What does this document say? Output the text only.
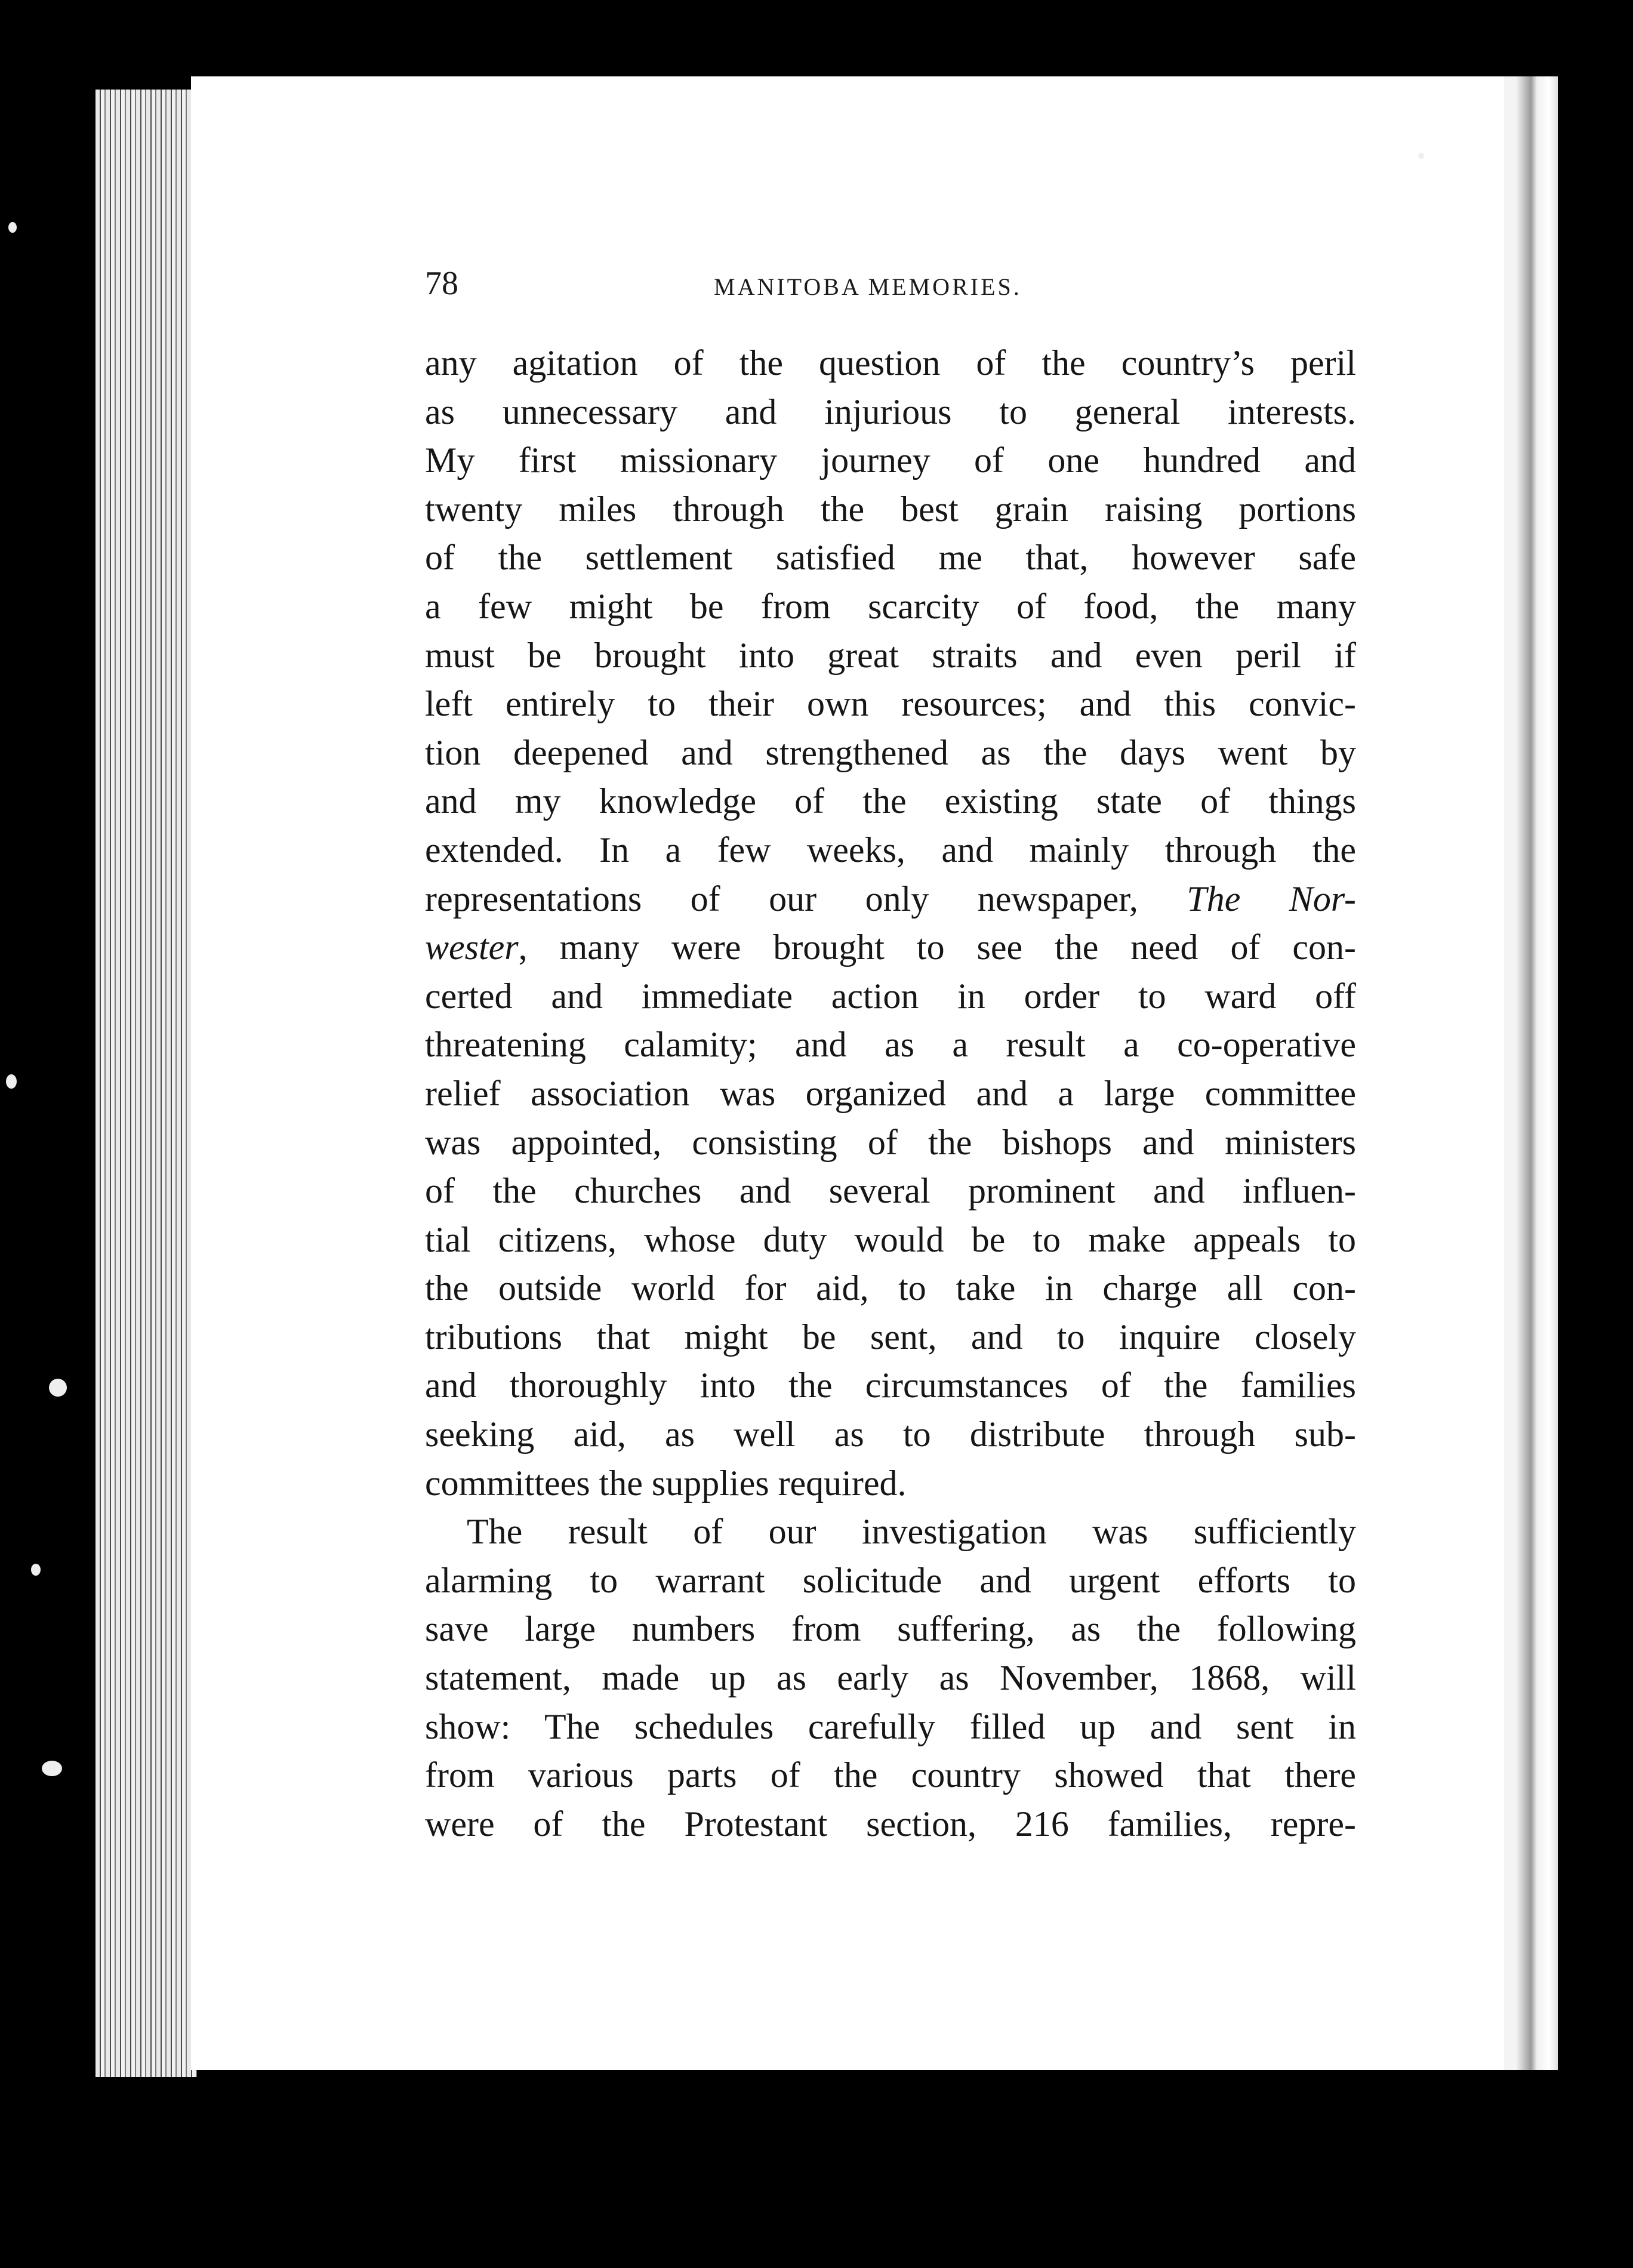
78	MANITOBA MEMORIES.
any agitation of the question of the country’s peril
as unnecessary and injurious to general interests.
My first missionary journey of one hundred and
twenty miles through the best grain raising portions
of the settlement satisfied me that, however safe
a few might be from scarcity of food, the many
must be brought into great straits and even peril if
left entirely to their own resources; and this convic-
tion deepened and strengthened as the days went by
and my knowledge of the existing state of things
extended. In a few weeks, and mainly through the
representations of our only newspaper, The Nor-
wester, many were brought to see the need of con-
certed and immediate action in order to ward off
threatening calamity; and as a result a co-operative
relief association was organized and a large committee
was appointed, consisting of the bishops and ministers
of the churches and several prominent and influen-
tial citizens, whose duty would be to make appeals to
the outside world for aid, to take in charge all con-
tributions that might be sent, and to inquire closely
and thoroughly into the circumstances of the families
seeking aid, as well as to distribute through sub-
committees the supplies required.
The result of our investigation was sufficiently
alarming to warrant solicitude and urgent efforts to
save large numbers from suffering, as the following
statement, made up as early as November, 1868, will
show: The schedules carefully filled up and sent in
from various parts of the country showed that there
were of the Protestant section, 216 families, repre-
